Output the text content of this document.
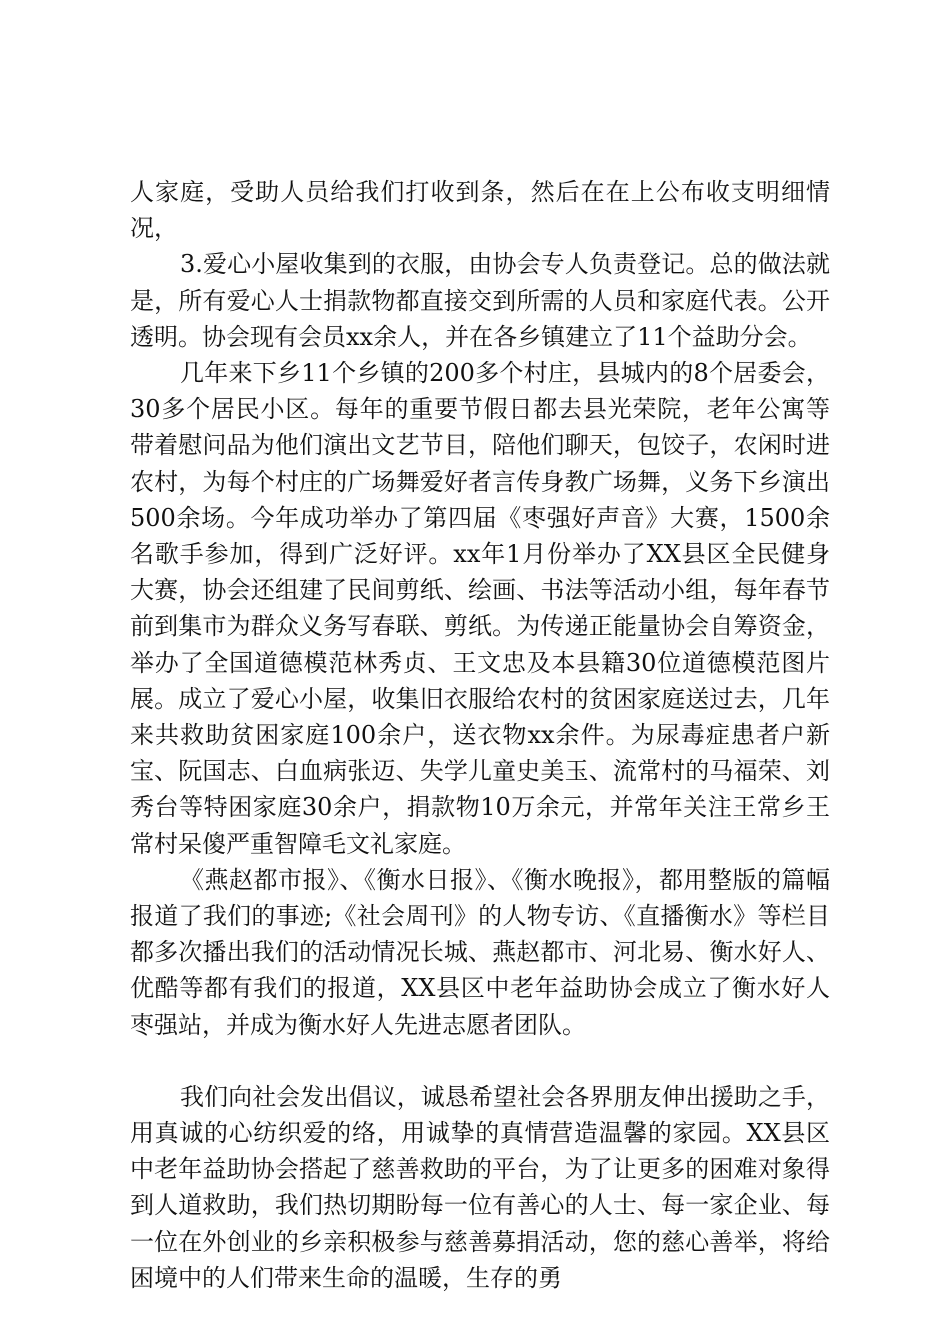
人家庭，受助人员给我们打收到条，然后在在上公布收支明细情况，

3.爱心小屋收集到的衣服，由协会专人负责登记。总的做法就是，所有爱心人士捐款物都直接交到所需的人员和家庭代表。公开透明。协会现有会员xx余人，并在各乡镇建立了11个益助分会。

几年来下乡11个乡镇的200多个村庄，县城内的8个居委会，30多个居民小区。每年的重要节假日都去县光荣院，老年公寓等带着慰问品为他们演出文艺节目，陪他们聊天，包饺子，农闲时进农村，为每个村庄的广场舞爱好者言传身教广场舞，义务下乡演出500余场。今年成功举办了第四届《枣强好声音》大赛，1500余名歌手参加，得到广泛好评。xx年1月份举办了XX县区全民健身大赛，协会还组建了民间剪纸、绘画、书法等活动小组，每年春节前到集市为群众义务写春联、剪纸。为传递正能量协会自筹资金，举办了全国道德模范林秀贞、王文忠及本县籍30位道德模范图片展。成立了爱心小屋，收集旧衣服给农村的贫困家庭送过去，几年来共救助贫困家庭100余户，送衣物xx余件。为尿毒症患者户新宝、阮国志、白血病张迈、失学儿童史美玉、流常村的马福荣、刘秀台等特困家庭30余户，捐款物10万余元，并常年关注王常乡王常村呆傻严重智障毛文礼家庭。

《燕赵都市报》、《衡水日报》、《衡水晚报》，都用整版的篇幅报道了我们的事迹;《社会周刊》的人物专访、《直播衡水》等栏目都多次播出我们的活动情况长城、燕赵都市、河北易、衡水好人、优酷等都有我们的报道，XX县区中老年益助协会成立了衡水好人枣强站，并成为衡水好人先进志愿者团队。

我们向社会发出倡议，诚恳希望社会各界朋友伸出援助之手，用真诚的心纺织爱的络，用诚挚的真情营造温馨的家园。XX县区中老年益助协会搭起了慈善救助的平台，为了让更多的困难对象得到人道救助，我们热切期盼每一位有善心的人士、每一家企业、每一位在外创业的乡亲积极参与慈善募捐活动，您的慈心善举，将给困境中的人们带来生命的温暖，生存的勇
